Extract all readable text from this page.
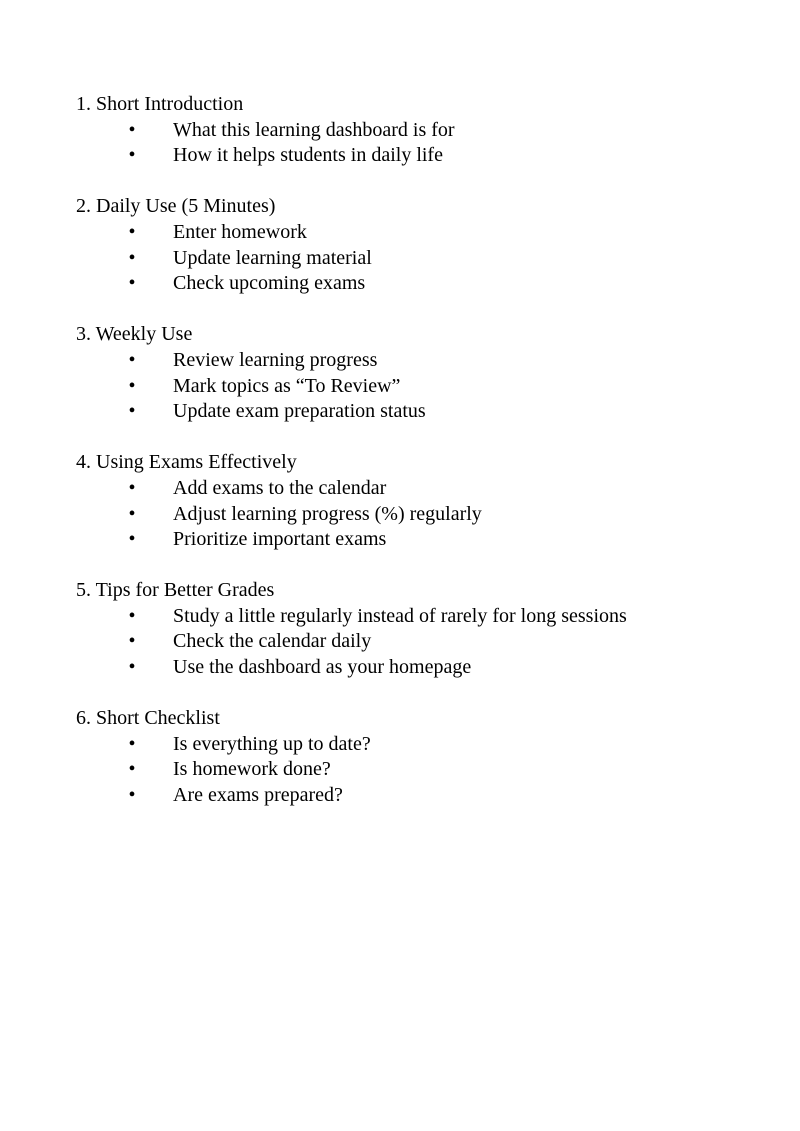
1. Short Introduction
• What this learning dashboard is for
• How it helps students in daily life
2. Daily Use (5 Minutes)
• Enter homework
• Update learning material
• Check upcoming exams
3. Weekly Use
• Review learning progress
• Mark topics as “To Review”
• Update exam preparation status
4. Using Exams Effectively
• Add exams to the calendar
• Adjust learning progress (%) regularly
• Prioritize important exams
5. Tips for Better Grades
• Study a little regularly instead of rarely for long sessions
• Check the calendar daily
• Use the dashboard as your homepage
6. Short Checklist
• Is everything up to date?
• Is homework done?
• Are exams prepared?
